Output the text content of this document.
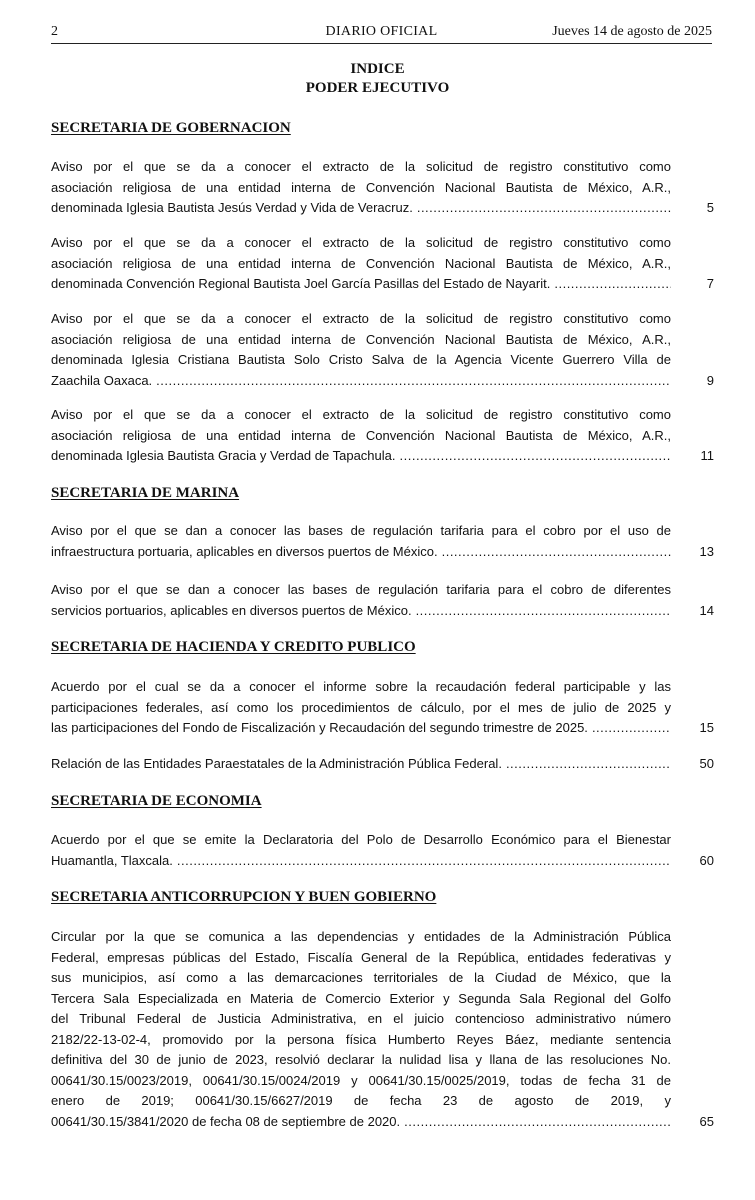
2	DIARIO OFICIAL	Jueves 14 de agosto de 2025
INDICE
PODER EJECUTIVO
SECRETARIA DE GOBERNACION
Aviso por el que se da a conocer el extracto de la solicitud de registro constitutivo como
asociación religiosa de una entidad interna de Convención Nacional Bautista de México, A.R.,
denominada Iglesia Bautista Jesús Verdad y Vida de Veracruz. .....	5
Aviso por el que se da a conocer el extracto de la solicitud de registro constitutivo como
asociación religiosa de una entidad interna de Convención Nacional Bautista de México, A.R.,
denominada Convención Regional Bautista Joel García Pasillas del Estado de Nayarit. .....	7
Aviso por el que se da a conocer el extracto de la solicitud de registro constitutivo como
asociación religiosa de una entidad interna de Convención Nacional Bautista de México, A.R.,
denominada Iglesia Cristiana Bautista Solo Cristo Salva de la Agencia Vicente Guerrero Villa de
Zaachila Oaxaca. .....	9
Aviso por el que se da a conocer el extracto de la solicitud de registro constitutivo como
asociación religiosa de una entidad interna de Convención Nacional Bautista de México, A.R.,
denominada Iglesia Bautista Gracia y Verdad de Tapachula. .....	11
SECRETARIA DE MARINA
Aviso por el que se dan a conocer las bases de regulación tarifaria para el cobro por el uso de
infraestructura portuaria, aplicables en diversos puertos de México. .....	13
Aviso por el que se dan a conocer las bases de regulación tarifaria para el cobro de diferentes
servicios portuarios, aplicables en diversos puertos de México. .....	14
SECRETARIA DE HACIENDA Y CREDITO PUBLICO
Acuerdo por el cual se da a conocer el informe sobre la recaudación federal participable y las
participaciones federales, así como los procedimientos de cálculo, por el mes de julio de 2025 y
las participaciones del Fondo de Fiscalización y Recaudación del segundo trimestre de 2025. .....	15
Relación de las Entidades Paraestatales de la Administración Pública Federal. .....	50
SECRETARIA DE ECONOMIA
Acuerdo por el que se emite la Declaratoria del Polo de Desarrollo Económico para el Bienestar
Huamantla, Tlaxcala. .....	60
SECRETARIA ANTICORRUPCION Y BUEN GOBIERNO
Circular por la que se comunica a las dependencias y entidades de la Administración Pública
Federal, empresas públicas del Estado, Fiscalía General de la República, entidades federativas y
sus municipios, así como a las demarcaciones territoriales de la Ciudad de México, que la
Tercera Sala Especializada en Materia de Comercio Exterior y Segunda Sala Regional del Golfo
del Tribunal Federal de Justicia Administrativa, en el juicio contencioso administrativo número
2182/22-13-02-4, promovido por la persona física Humberto Reyes Báez, mediante sentencia
definitiva del 30 de junio de 2023, resolvió declarar la nulidad lisa y llana de las resoluciones No.
00641/30.15/0023/2019, 00641/30.15/0024/2019 y 00641/30.15/0025/2019, todas de fecha 31 de
enero de 2019; 00641/30.15/6627/2019 de fecha 23 de agosto de 2019, y
00641/30.15/3841/2020 de fecha 08 de septiembre de 2020. .....	65
